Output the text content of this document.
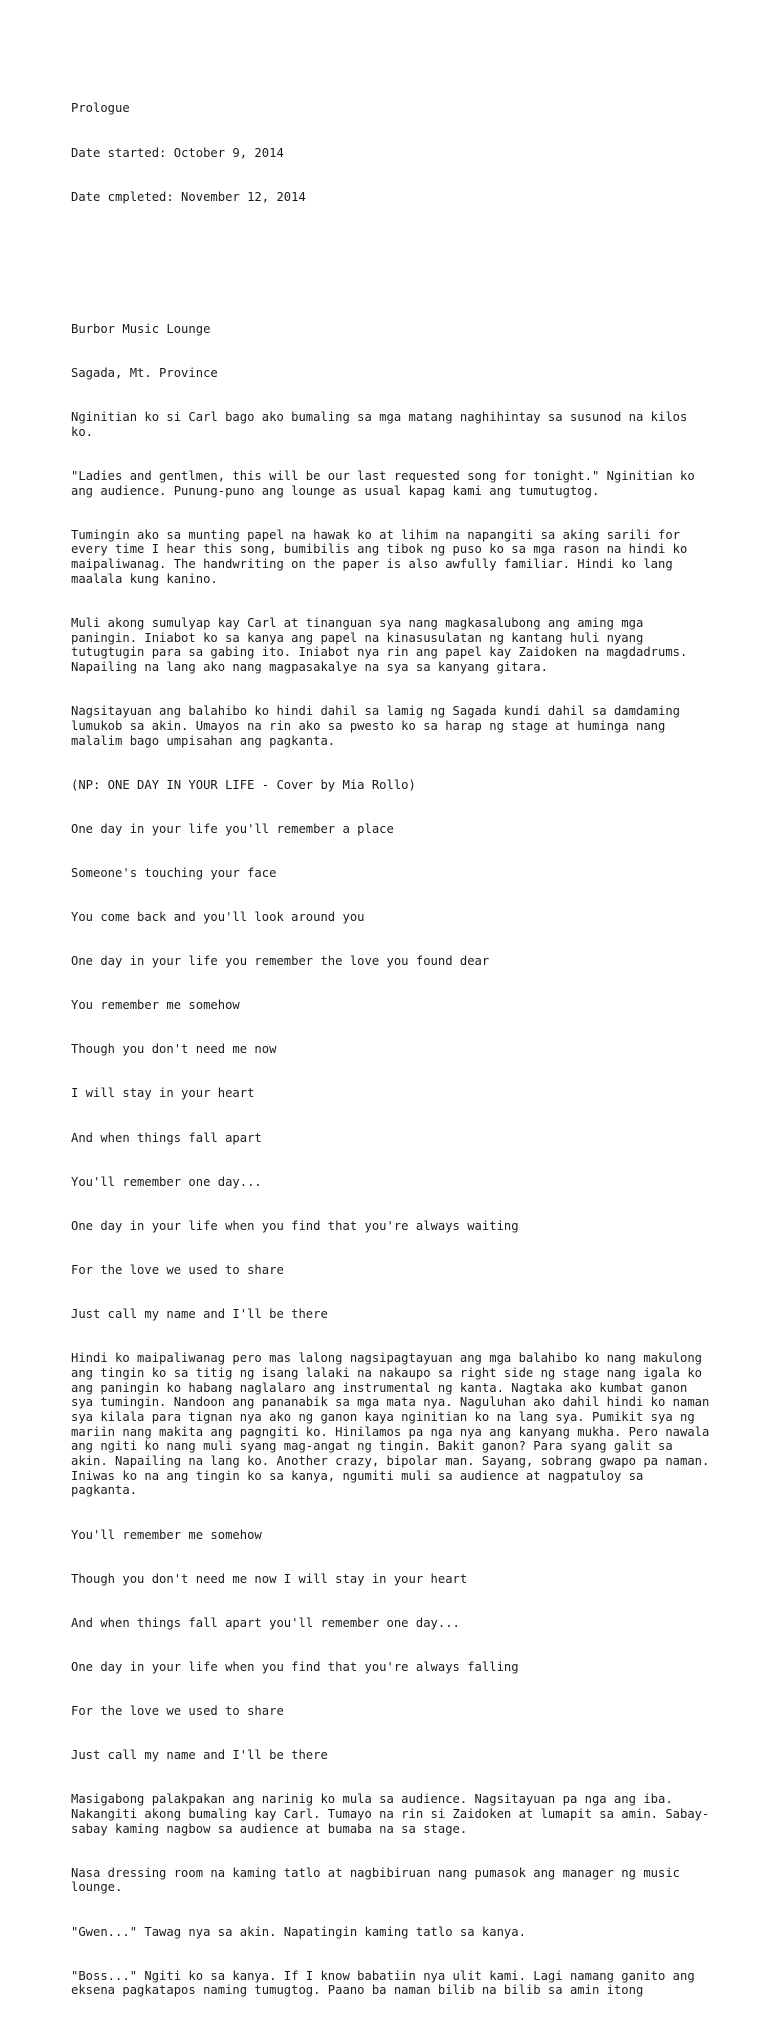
Prologue

Date started: October 9, 2014

Date cmpleted: November 12, 2014

Burbor Music Lounge

Sagada, Mt. Province

Nginitian ko si Carl bago ako bumaling sa mga matang naghihintay sa susunod na kilos ko.

"Ladies and gentlmen, this will be our last requested song for tonight." Nginitian ko ang audience. Punung-puno ang lounge as usual kapag kami ang tumutugtog.

Tumingin ako sa munting papel na hawak ko at lihim na napangiti sa aking sarili for every time I hear this song, bumibilis ang tibok ng puso ko sa mga rason na hindi ko maipaliwanag. The handwriting on the paper is also awfully familiar. Hindi ko lang maalala kung kanino.

Muli akong sumulyap kay Carl at tinanguan sya nang magkasalubong ang aming mga paningin. Iniabot ko sa kanya ang papel na kinasusulatan ng kantang huli nyang tutugtugin para sa gabing ito. Iniabot nya rin ang papel kay Zaidoken na magdadrums. Napailing na lang ako nang magpasakalye na sya sa kanyang gitara.

Nagsitayuan ang balahibo ko hindi dahil sa lamig ng Sagada kundi dahil sa damdaming lumukob sa akin. Umayos na rin ako sa pwesto ko sa harap ng stage at huminga nang malalim bago umpisahan ang pagkanta.

(NP: ONE DAY IN YOUR LIFE - Cover by Mia Rollo)

One day in your life you'll remember a place

Someone's touching your face

You come back and you'll look around you

One day in your life you remember the love you found dear

You remember me somehow

Though you don't need me now

I will stay in your heart

And when things fall apart

You'll remember one day...

One day in your life when you find that you're always waiting

For the love we used to share

Just call my name and I'll be there

Hindi ko maipaliwanag pero mas lalong nagsipagtayuan ang mga balahibo ko nang makulong ang tingin ko sa titig ng isang lalaki na nakaupo sa right side ng stage nang igala ko ang paningin ko habang naglalaro ang instrumental ng kanta. Nagtaka ako kumbat ganon sya tumingin. Nandoon ang pananabik sa mga mata nya. Naguluhan ako dahil hindi ko naman sya kilala para tignan nya ako ng ganon kaya nginitian ko na lang sya. Pumikit sya ng mariin nang makita ang pagngiti ko. Hinilamos pa nga nya ang kanyang mukha. Pero nawala ang ngiti ko nang muli syang mag-angat ng tingin. Bakit ganon? Para syang galit sa akin. Napailing na lang ko. Another crazy, bipolar man. Sayang, sobrang gwapo pa naman. Iniwas ko na ang tingin ko sa kanya, ngumiti muli sa audience at nagpatuloy sa pagkanta.

You'll remember me somehow

Though you don't need me now I will stay in your heart

And when things fall apart you'll remember one day...

One day in your life when you find that you're always falling

For the love we used to share

Just call my name and I'll be there

Masigabong palakpakan ang narinig ko mula sa audience. Nagsitayuan pa nga ang iba. Nakangiti akong bumaling kay Carl. Tumayo na rin si Zaidoken at lumapit sa amin. Sabay-sabay kaming nagbow sa audience at bumaba na sa stage.

Nasa dressing room na kaming tatlo at nagbibiruan nang pumasok ang manager ng music lounge.

"Gwen..." Tawag nya sa akin. Napatingin kaming tatlo sa kanya.

"Boss..." Ngiti ko sa kanya. If I know babatiin nya ulit kami. Lagi namang ganito ang eksena pagkatapos naming tumugtog. Paano ba naman bilib na bilib sa amin itong
